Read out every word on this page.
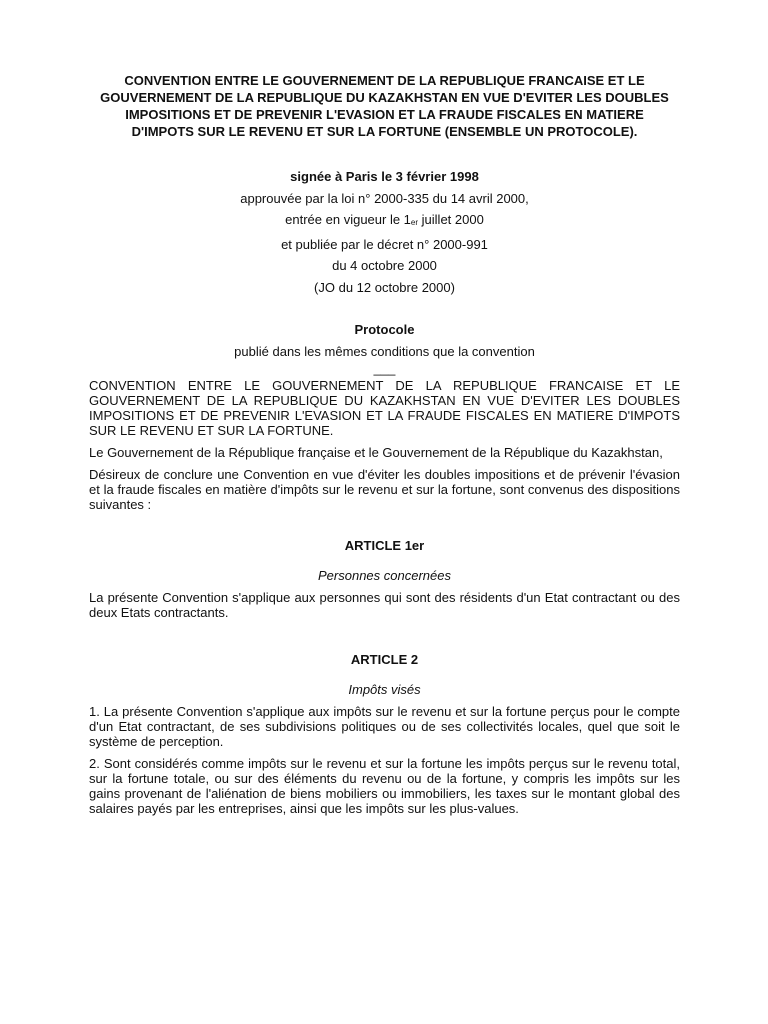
CONVENTION ENTRE LE GOUVERNEMENT DE LA REPUBLIQUE FRANCAISE ET LE GOUVERNEMENT DE LA REPUBLIQUE DU KAZAKHSTAN EN VUE D'EVITER LES DOUBLES IMPOSITIONS ET DE PREVENIR L'EVASION ET LA FRAUDE FISCALES EN MATIERE D'IMPOTS SUR LE REVENU ET SUR LA FORTUNE (ENSEMBLE UN PROTOCOLE).
signée à Paris le 3 février 1998
approuvée par la loi n° 2000-335 du 14 avril 2000,
entrée en vigueur le $1_{er}$ juillet 2000
et publiée par le décret n° 2000-991
du 4 octobre 2000
(JO du 12 octobre 2000)
Protocole
publié dans les mêmes conditions que la convention
___

CONVENTION ENTRE LE GOUVERNEMENT DE LA REPUBLIQUE FRANCAISE ET LE GOUVERNEMENT DE LA REPUBLIQUE DU KAZAKHSTAN EN VUE D'EVITER LES DOUBLES IMPOSITIONS ET DE PREVENIR L'EVASION ET LA FRAUDE FISCALES EN MATIERE D'IMPOTS SUR LE REVENU ET SUR LA FORTUNE.

Le Gouvernement de la République française et le Gouvernement de la République du Kazakhstan,

Désireux de conclure une Convention en vue d'éviter les doubles impositions et de prévenir l'évasion et la fraude fiscales en matière d'impôts sur le revenu et sur la fortune, sont convenus des dispositions suivantes :

ARTICLE 1er
Personnes concernées

La présente Convention s'applique aux personnes qui sont des résidents d'un Etat contractant ou des deux Etats contractants.

ARTICLE 2
Impôts visés

1. La présente Convention s'applique aux impôts sur le revenu et sur la fortune perçus pour le compte d'un Etat contractant, de ses subdivisions politiques ou de ses collectivités locales, quel que soit le système de perception.

2. Sont considérés comme impôts sur le revenu et sur la fortune les impôts perçus sur le revenu total, sur la fortune totale, ou sur des éléments du revenu ou de la fortune, y compris les impôts sur les gains provenant de l'aliénation de biens mobiliers ou immobiliers, les taxes sur le montant global des salaires payés par les entreprises, ainsi que les impôts sur les plus-values.
